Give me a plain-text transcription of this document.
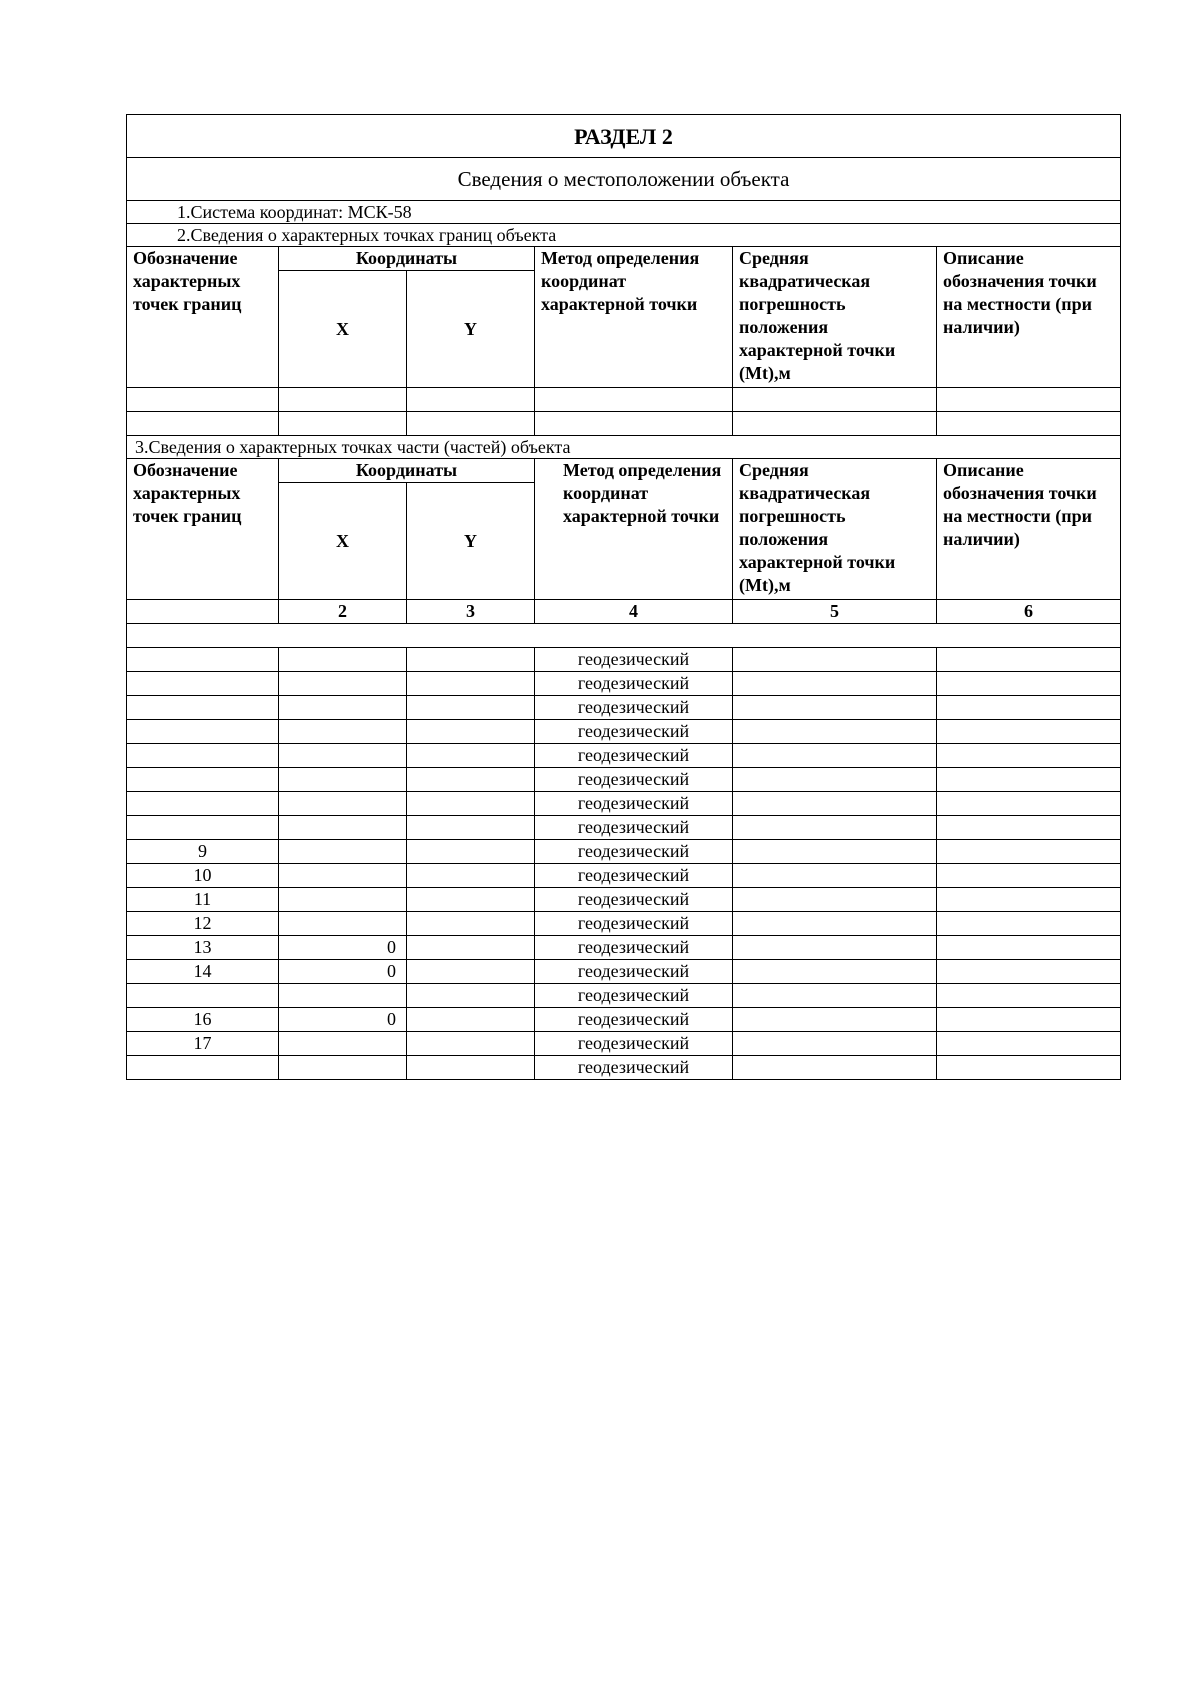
РАЗДЕЛ 2					
Сведения о местоположении объекта					
1.Система координат: МСК-58					
2.Сведения о характерных точках границ объекта					
Обозначение характерных точек границ	Координаты		Метод определения координат характерной точки	Средняя квадратическая погрешность положения характерной точки (Mt),м	Описание обозначения точки на местности (при наличии)
	X	Y			

3.Сведения о характерных точках части (частей) объекта					
Обозначение характерных точек границ	Координаты		Метод определения координат характерной точки	Средняя квадратическая погрешность положения характерной точки (Mt),м	Описание обозначения точки на местности (при наличии)
	X	Y			
	2	3	4	5	6

			геодезический		
			геодезический		
			геодезический		
			геодезический		
			геодезический		
			геодезический		
			геодезический		
			геодезический		
9			геодезический		
10			геодезический		
11			геодезический		
12			геодезический		
13	0		геодезический		
14	0		геодезический		
			геодезический		
16	0		геодезический		
17			геодезический		
			геодезический		
